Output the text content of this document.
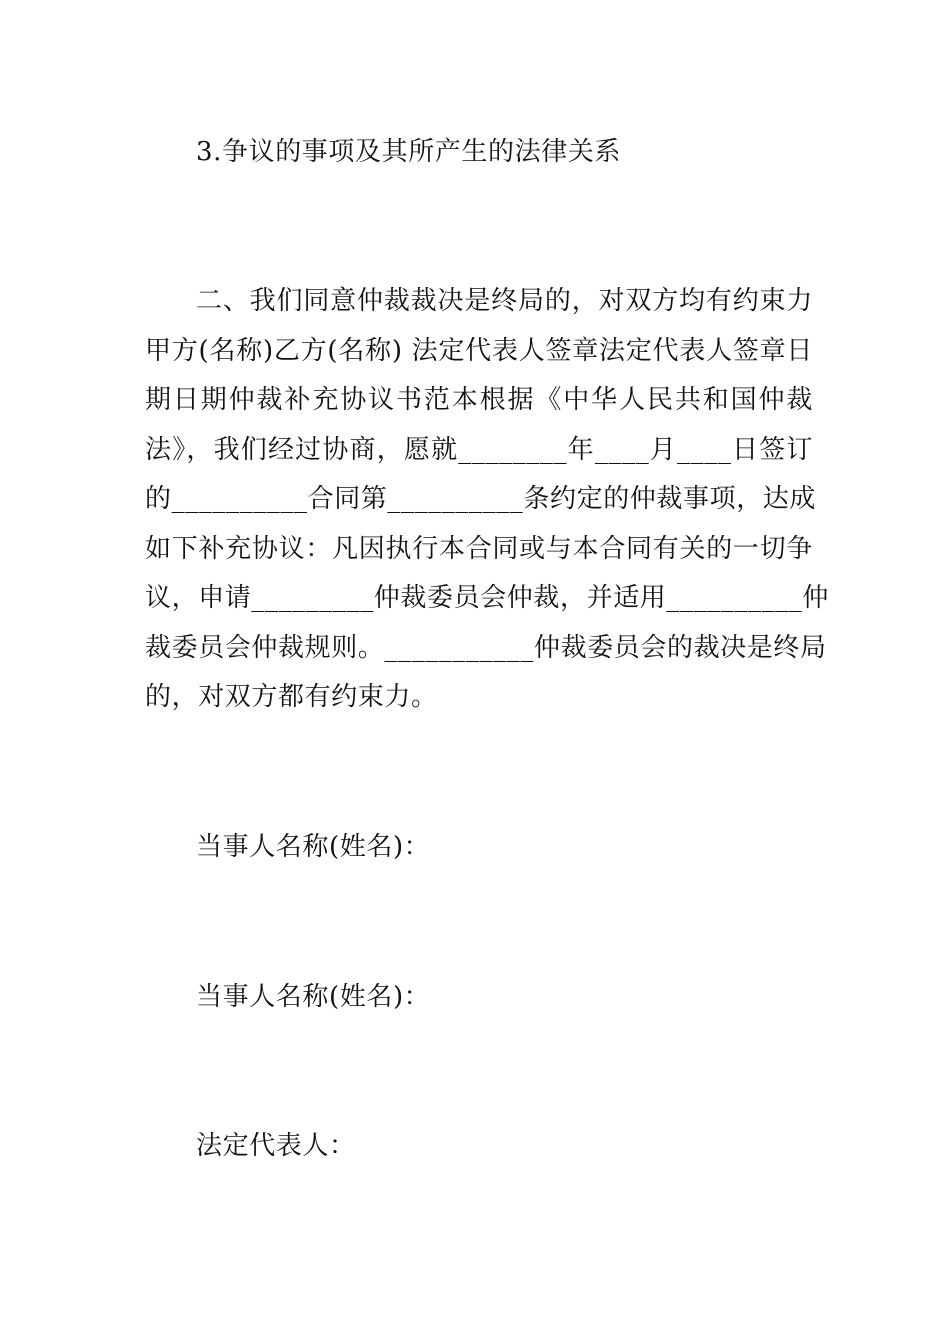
3.争议的事项及其所产生的法律关系
二、我们同意仲裁裁决是终局的，对双方均有约束力
甲方(名称)乙方(名称) 法定代表人签章法定代表人签章日
期日期仲裁补充协议书范本根据《中华人民共和国仲裁
法》，我们经过协商，愿就________年____月____日签订
的__________合同第__________条约定的仲裁事项，达成
如下补充协议：凡因执行本合同或与本合同有关的一切争
议，申请_________仲裁委员会仲裁，并适用__________仲
裁委员会仲裁规则。___________仲裁委员会的裁决是终局
的，对双方都有约束力。
当事人名称(姓名)：
当事人名称(姓名)：
法定代表人：
